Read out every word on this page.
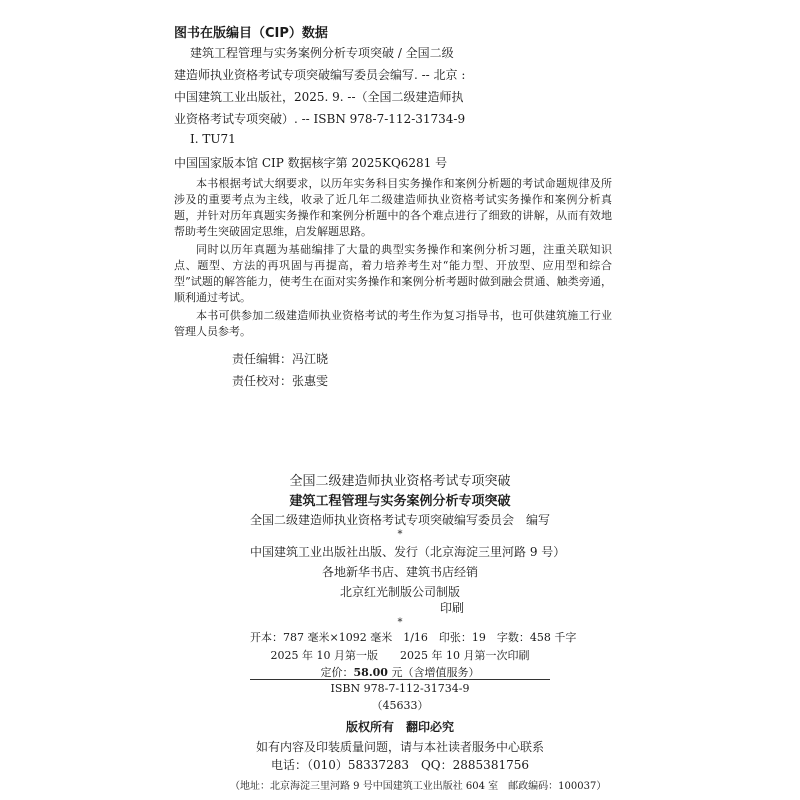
图书在版编目（CIP）数据
建筑工程管理与实务案例分析专项突破 / 全国二级
建造师执业资格考试专项突破编写委员会编写. -- 北京 :
中国建筑工业出版社，2025. 9. --（全国二级建造师执
业资格考试专项突破）. -- ISBN 978-7-112-31734-9
Ⅰ. TU71
中国国家版本馆 CIP 数据核字第 2025KQ6281 号

本书根据考试大纲要求，以历年实务科目实务操作和案例分析题的考试命题规律及所涉及的重要考点为主线，收录了近几年二级建造师执业资格考试实务操作和案例分析真题，并针对历年真题实务操作和案例分析题中的各个难点进行了细致的讲解，从而有效地帮助考生突破固定思维，启发解题思路。

同时以历年真题为基础编排了大量的典型实务操作和案例分析习题，注重关联知识点、题型、方法的再巩固与再提高，着力培养考生对“能力型、开放型、应用型和综合型”试题的解答能力，使考生在面对实务操作和案例分析考题时做到融会贯通、触类旁通，顺利通过考试。

本书可供参加二级建造师执业资格考试的考生作为复习指导书，也可供建筑施工行业管理人员参考。

责任编辑：冯江晓
责任校对：张惠雯
全国二级建造师执业资格考试专项突破
建筑工程管理与实务案例分析专项突破
全国二级建造师执业资格考试专项突破编写委员会　编写
*
中国建筑工业出版社出版、发行（北京海淀三里河路 9 号）
各地新华书店、建筑书店经销
北京红光制版公司制版
印刷
*
开本：787 毫米×1092 毫米　1/16　印张：19　字数：458 千字
2025 年 10 月第一版　　2025 年 10 月第一次印刷
定价：58.00 元（含增值服务）
ISBN 978-7-112-31734-9
（45633）
版权所有　翻印必究
如有内容及印装质量问题，请与本社读者服务中心联系
电话：（010）58337283　QQ：2885381756
（地址：北京海淀三里河路 9 号中国建筑工业出版社 604 室　邮政编码：100037）
